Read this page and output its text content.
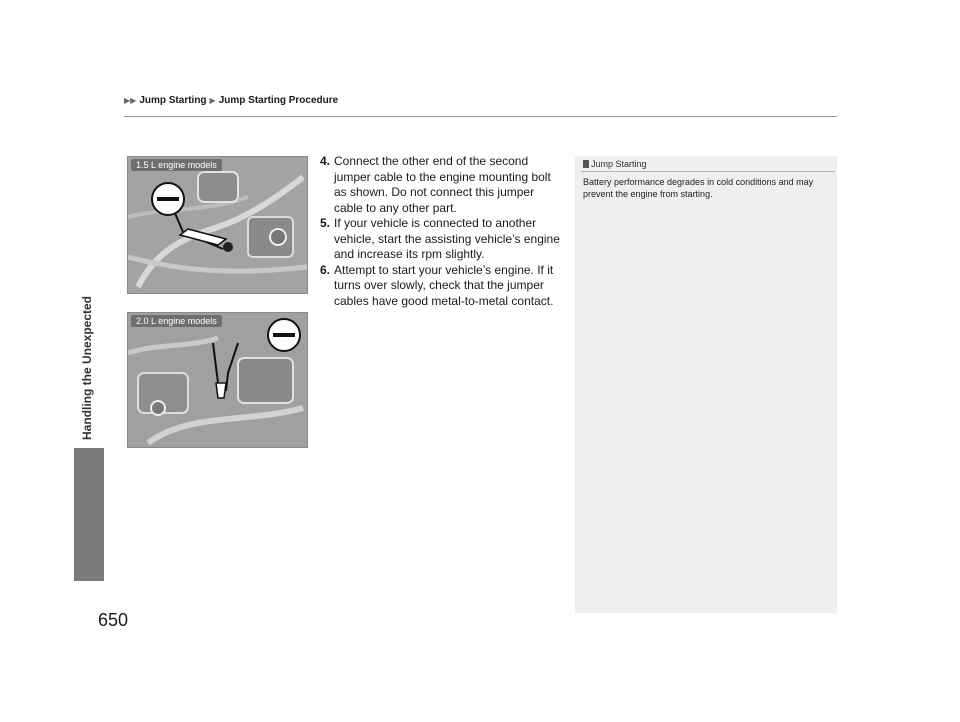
▶▶ Jump Starting ▶ Jump Starting Procedure
Handling the Unexpected
650
1.5 L engine models
2.0 L engine models
4. Connect the other end of the second jumper cable to the engine mounting bolt as shown. Do not connect this jumper cable to any other part.
5. If your vehicle is connected to another vehicle, start the assisting vehicle’s engine and increase its rpm slightly.
6. Attempt to start your vehicle’s engine. If it turns over slowly, check that the jumper cables have good metal-to-metal contact.
Jump Starting
Battery performance degrades in cold conditions and may prevent the engine from starting.
